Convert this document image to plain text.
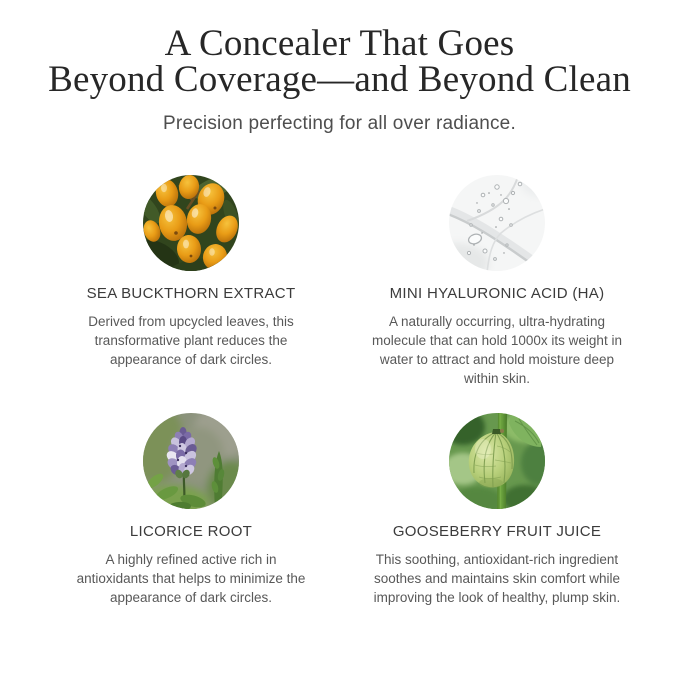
A Concealer That Goes
Beyond Coverage—and Beyond Clean
Precision perfecting for all over radiance.
SEA BUCKTHORN EXTRACT

Derived from upcycled leaves, this transformative plant reduces the appearance of dark circles.

MINI HYALURONIC ACID (HA)

A naturally occurring, ultra-hydrating molecule that can hold 1000x its weight in water to attract and hold moisture deep within skin.

LICORICE ROOT

A highly refined active rich in antioxidants that helps to minimize the appearance of dark circles.

GOOSEBERRY FRUIT JUICE

This soothing, antioxidant-rich ingredient soothes and maintains skin comfort while improving the look of healthy, plump skin.
